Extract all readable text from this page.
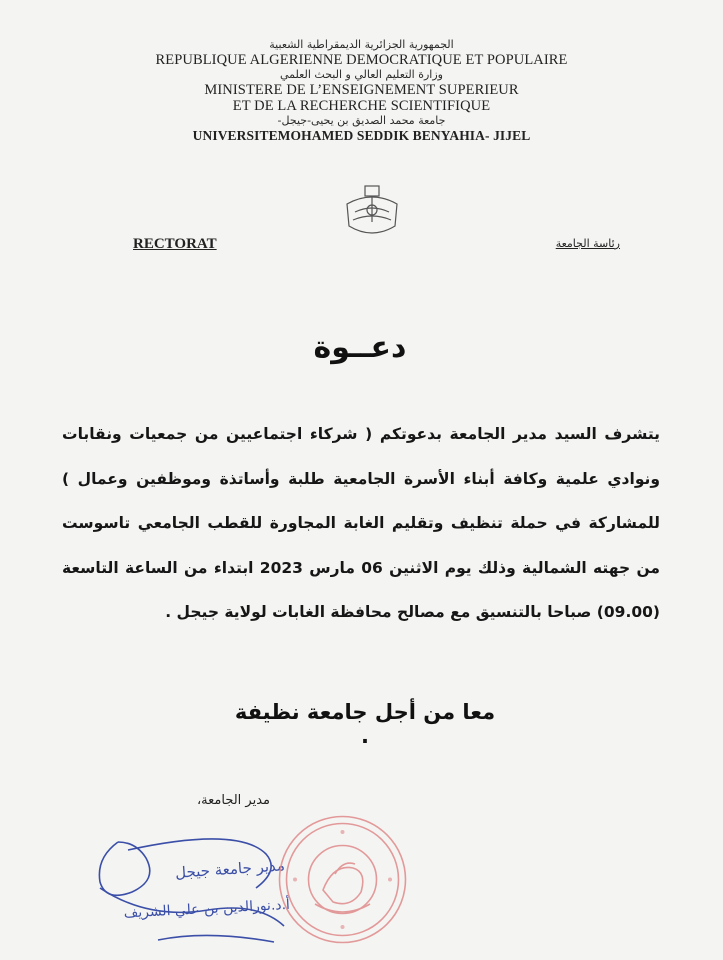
الجمهورية الجزائرية الديمقراطية الشعبية
REPUBLIQUE ALGERIENNE DEMOCRATIQUE ET POPULAIRE
وزارة التعليم العالي و البحث العلمي
MINISTERE DE L’ENSEIGNEMENT SUPERIEUR
ET DE LA RECHERCHE SCIENTIFIQUE
جامعة محمد الصديق بن يحيى-جيجل-
UNIVERSITEMOHAMED SEDDIK BENYAHIA- JIJEL
RECTORAT	رئاسة الجامعة
دعــوة
يتشرف السيد مدير الجامعة بدعوتكم ( شركاء اجتماعيين من جمعيات ونقابات ونوادي علمية وكافة أبناء الأسرة الجامعية طلبة وأساتذة وموظفين وعمال ) للمشاركة في حملة تنظيف وتقليم الغابة المجاورة للقطب الجامعي تاسوست من جهته الشمالية وذلك يوم الاثنين 06 مارس 2023 ابتداء من الساعة التاسعة (09.00) صباحا بالتنسيق مع مصالح محافظة الغابات لولاية جيجل .
معا من أجل جامعة نظيفة .
مدير الجامعة،
مدير جامعة جيجل
أ.د.نورالدين بن علي الشريف
